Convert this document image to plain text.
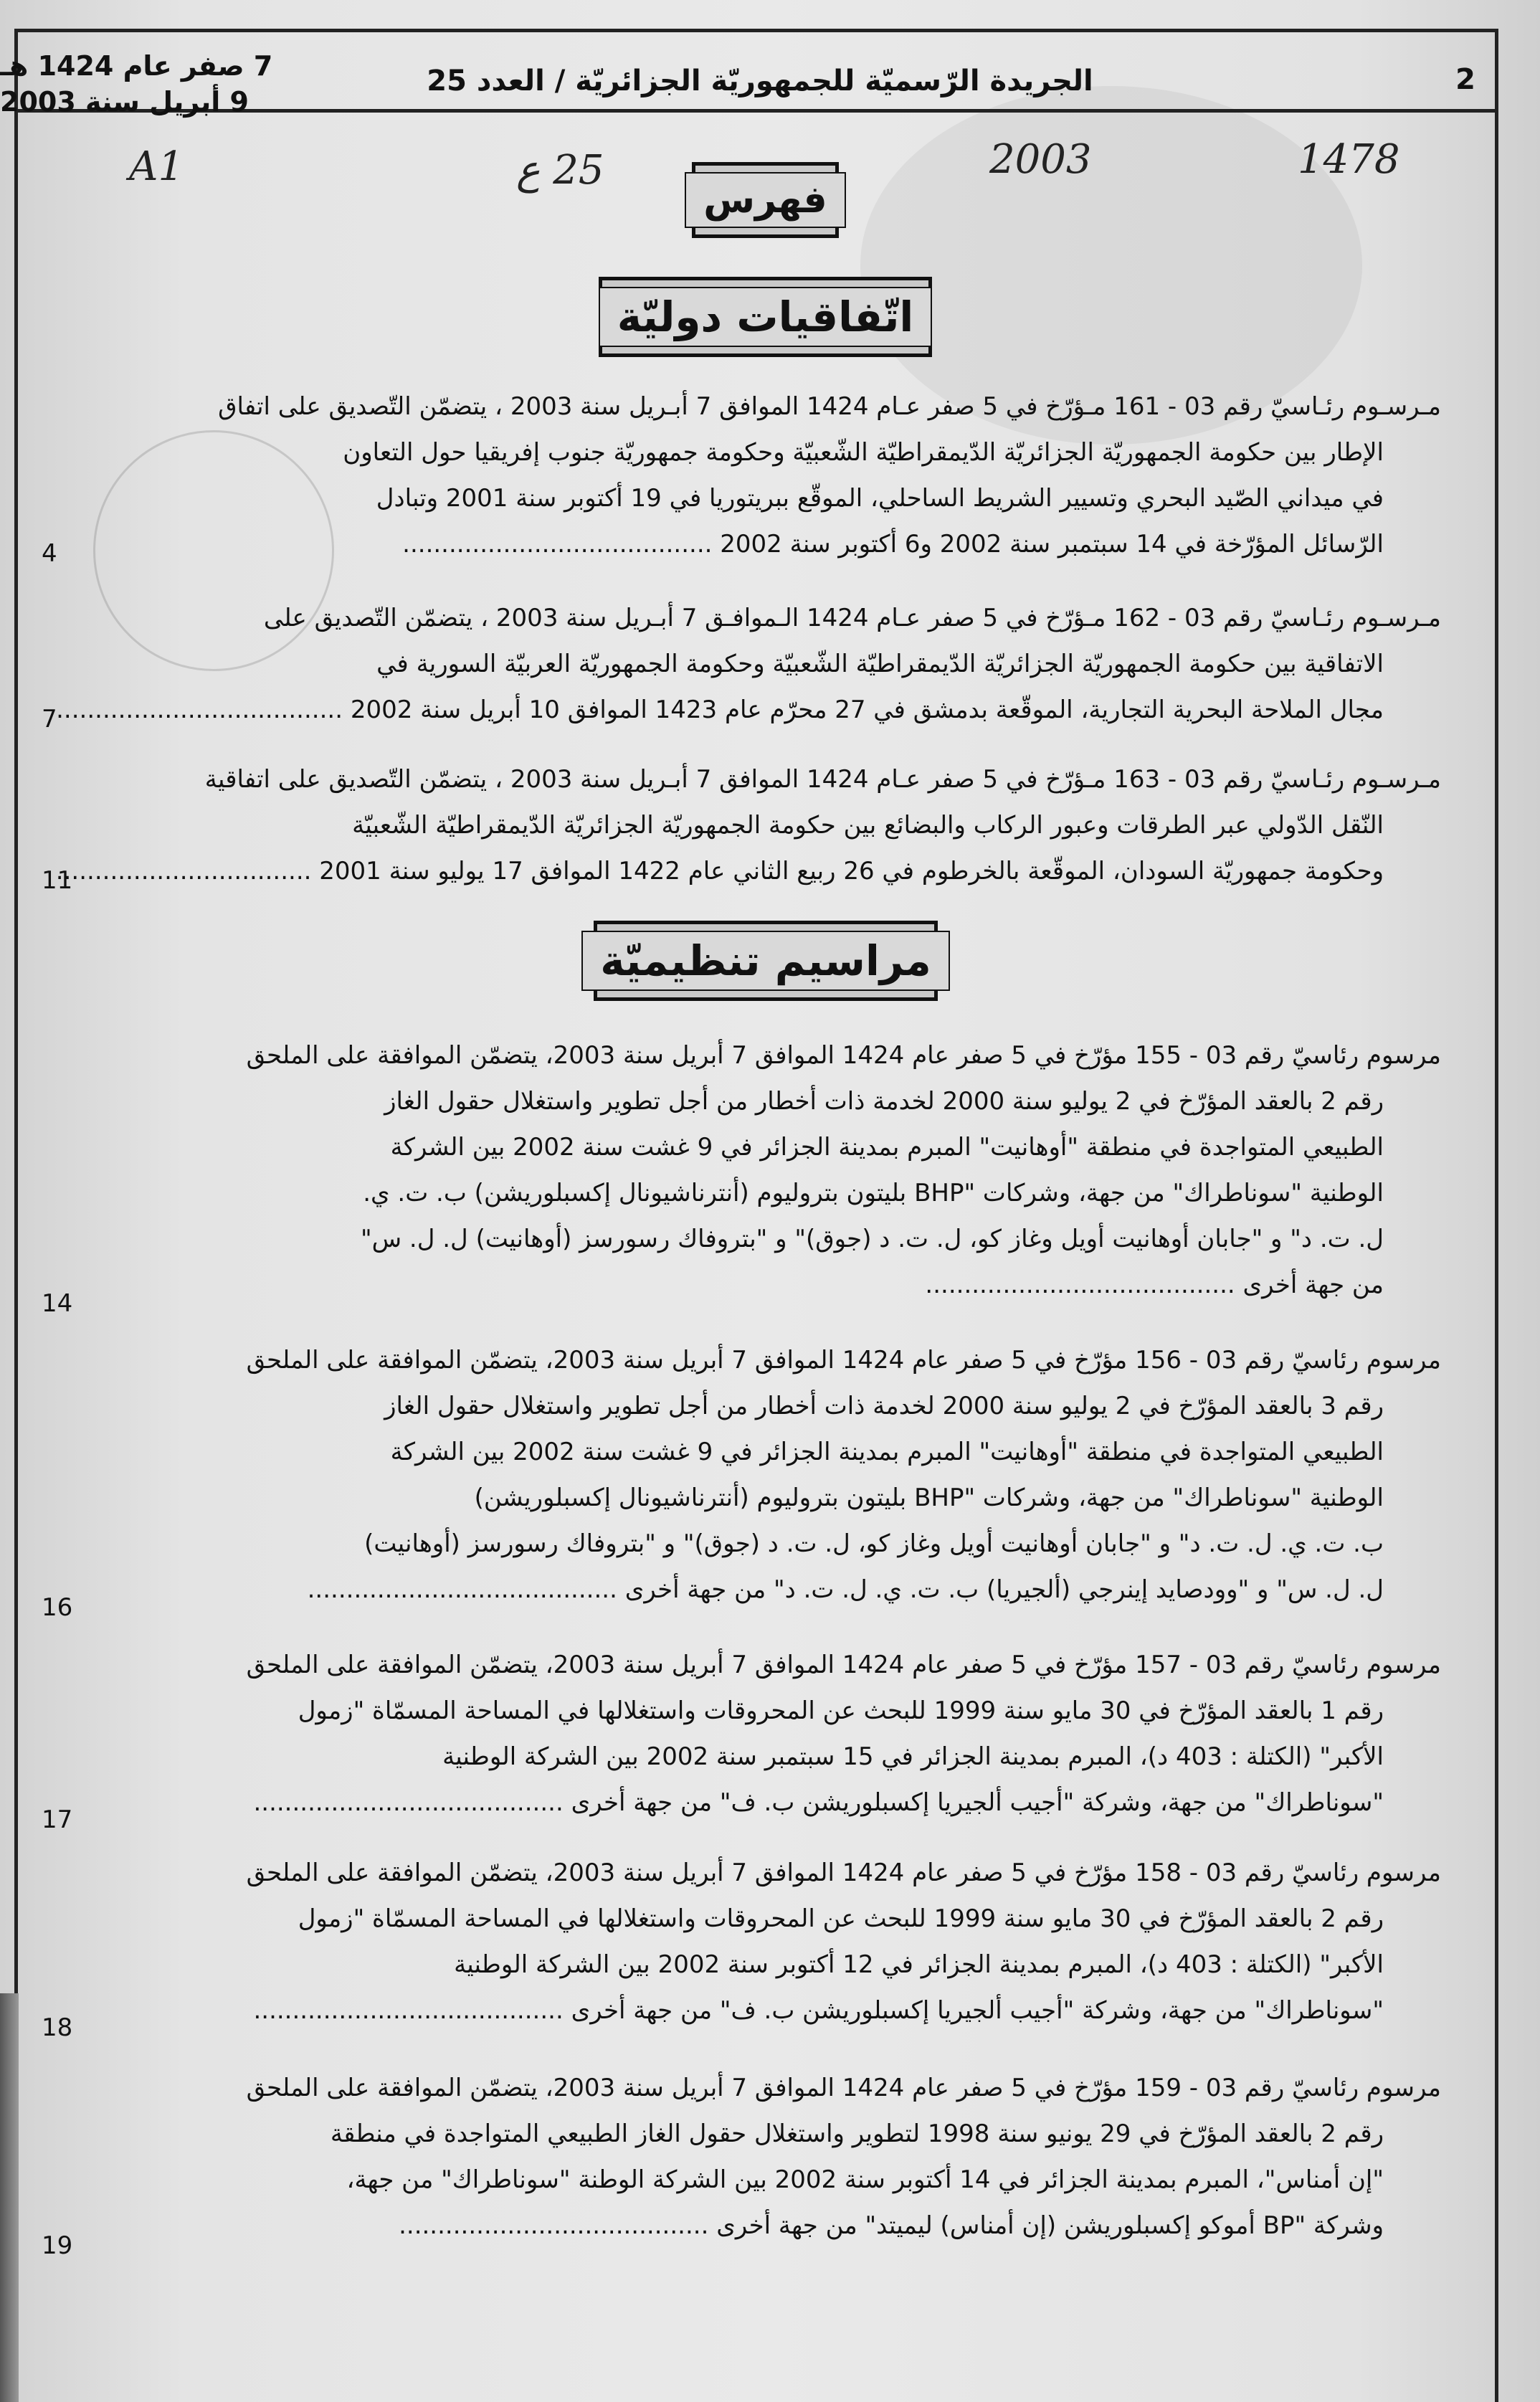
7 صفر عام 1424 هـ
9 أبريل سنة 2003
الجريدة الرّسميّة للجمهوريّة الجزائريّة / العدد 25	2
A1	25 ع	2003	1478
فهرس
اتّفاقيات دوليّة
مراسيم تنظيميّة
مـرسـوم رئـاسيّ رقم 03 - 161 مـؤرّخ في 5 صفر عـام 1424 الموافق 7 أبـريل سنة 2003 ، يتضمّن التّصديق على اتفاق
الإطار بين حكومة الجمهوريّة الجزائريّة الدّيمقراطيّة الشّعبيّة وحكومة جمهوريّة جنوب إفريقيا حول التعاون
في ميداني الصّيد البحري وتسيير الشريط الساحلي، الموقّع ببريتوريا في 19 أكتوبر سنة 2001 وتبادل
الرّسائل المؤرّخة في 14 سبتمبر سنة 2002 و6 أكتوبر سنة 2002 .....
4
مـرسـوم رئـاسيّ رقم 03 - 162 مـؤرّخ في 5 صفر عـام 1424 الـموافـق 7 أبـريل سنة 2003 ، يتضمّن التّصديق على
الاتفاقية بين حكومة الجمهوريّة الجزائريّة الدّيمقراطيّة الشّعبيّة وحكومة الجمهوريّة العربيّة السورية في
مجال الملاحة البحرية التجارية، الموقّعة بدمشق في 27 محرّم عام 1423 الموافق 10 أبريل سنة 2002 .....
7
مـرسـوم رئـاسيّ رقم 03 - 163 مـؤرّخ في 5 صفر عـام 1424 الموافق 7 أبـريل سنة 2003 ، يتضمّن التّصديق على اتفاقية
النّقل الدّولي عبر الطرقات وعبور الركاب والبضائع بين حكومة الجمهوريّة الجزائريّة الدّيمقراطيّة الشّعبيّة
وحكومة جمهوريّة السودان، الموقّعة بالخرطوم في 26 ربيع الثاني عام 1422 الموافق 17 يوليو سنة 2001 .....
11
مرسوم رئاسيّ رقم 03 - 155 مؤرّخ في 5 صفر عام 1424 الموافق 7 أبريل سنة 2003، يتضمّن الموافقة على الملحق
رقم 2 بالعقد المؤرّخ في 2 يوليو سنة 2000 لخدمة ذات أخطار من أجل تطوير واستغلال حقول الغاز
الطبيعي المتواجدة في منطقة "أوهانيت" المبرم بمدينة الجزائر في 9 غشت سنة 2002 بين الشركة
الوطنية "سوناطراك" من جهة، وشركات "BHP بليتون بتروليوم (أنترناشيونال إكسبلوريشن) ب. ت. ي.
ل. ت. د" و "جابان أوهانيت أويل وغاز كو، ل. ت. د (جوق)" و "بتروفاك رسورسز (أوهانيت) ل. ل. س"
من جهة أخرى .....
14
مرسوم رئاسيّ رقم 03 - 156 مؤرّخ في 5 صفر عام 1424 الموافق 7 أبريل سنة 2003، يتضمّن الموافقة على الملحق
رقم 3 بالعقد المؤرّخ في 2 يوليو سنة 2000 لخدمة ذات أخطار من أجل تطوير واستغلال حقول الغاز
الطبيعي المتواجدة في منطقة "أوهانيت" المبرم بمدينة الجزائر في 9 غشت سنة 2002 بين الشركة
الوطنية "سوناطراك" من جهة، وشركات "BHP بليتون بتروليوم (أنترناشيونال إكسبلوريشن)
ب. ت. ي. ل. ت. د" و "جابان أوهانيت أويل وغاز كو، ل. ت. د (جوق)" و "بتروفاك رسورسز (أوهانيت)
ل. ل. س" و "وودصايد إينرجي (ألجيريا) ب. ت. ي. ل. ت. د" من جهة أخرى .....
16
مرسوم رئاسيّ رقم 03 - 157 مؤرّخ في 5 صفر عام 1424 الموافق 7 أبريل سنة 2003، يتضمّن الموافقة على الملحق
رقم 1 بالعقد المؤرّخ في 30 مايو سنة 1999 للبحث عن المحروقات واستغلالها في المساحة المسمّاة "زمول
الأكبر" (الكتلة : 403 د)، المبرم بمدينة الجزائر في 15 سبتمبر سنة 2002 بين الشركة الوطنية
"سوناطراك" من جهة، وشركة "أجيب ألجيريا إكسبلوريشن ب. ف" من جهة أخرى .....
17
مرسوم رئاسيّ رقم 03 - 158 مؤرّخ في 5 صفر عام 1424 الموافق 7 أبريل سنة 2003، يتضمّن الموافقة على الملحق
رقم 2 بالعقد المؤرّخ في 30 مايو سنة 1999 للبحث عن المحروقات واستغلالها في المساحة المسمّاة "زمول
الأكبر" (الكتلة : 403 د)، المبرم بمدينة الجزائر في 12 أكتوبر سنة 2002 بين الشركة الوطنية
"سوناطراك" من جهة، وشركة "أجيب ألجيريا إكسبلوريشن ب. ف" من جهة أخرى .....
18
مرسوم رئاسيّ رقم 03 - 159 مؤرّخ في 5 صفر عام 1424 الموافق 7 أبريل سنة 2003، يتضمّن الموافقة على الملحق
رقم 2 بالعقد المؤرّخ في 29 يونيو سنة 1998 لتطوير واستغلال حقول الغاز الطبيعي المتواجدة في منطقة
"إن أمناس"، المبرم بمدينة الجزائر في 14 أكتوبر سنة 2002 بين الشركة الوطنة "سوناطراك" من جهة،
وشركة "BP أموكو إكسبلوريشن (إن أمناس) ليميتد" من جهة أخرى .....
19
